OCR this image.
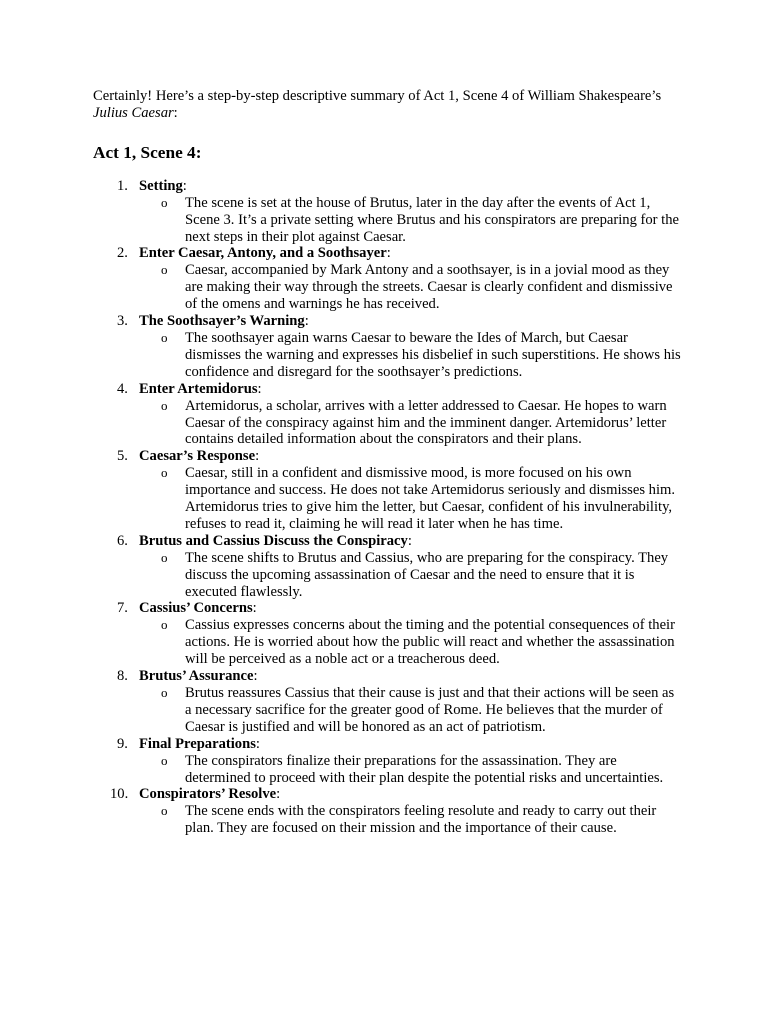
Certainly! Here’s a step-by-step descriptive summary of Act 1, Scene 4 of William Shakespeare’s Julius Caesar:

Act 1, Scene 4:
1. Setting:
o The scene is set at the house of Brutus, later in the day after the events of Act 1, Scene 3. It’s a private setting where Brutus and his conspirators are preparing for the next steps in their plot against Caesar.
2. Enter Caesar, Antony, and a Soothsayer:
o Caesar, accompanied by Mark Antony and a soothsayer, is in a jovial mood as they are making their way through the streets. Caesar is clearly confident and dismissive of the omens and warnings he has received.
3. The Soothsayer’s Warning:
o The soothsayer again warns Caesar to beware the Ides of March, but Caesar dismisses the warning and expresses his disbelief in such superstitions. He shows his confidence and disregard for the soothsayer’s predictions.
4. Enter Artemidorus:
o Artemidorus, a scholar, arrives with a letter addressed to Caesar. He hopes to warn Caesar of the conspiracy against him and the imminent danger. Artemidorus’ letter contains detailed information about the conspirators and their plans.
5. Caesar’s Response:
o Caesar, still in a confident and dismissive mood, is more focused on his own importance and success. He does not take Artemidorus seriously and dismisses him. Artemidorus tries to give him the letter, but Caesar, confident of his invulnerability, refuses to read it, claiming he will read it later when he has time.
6. Brutus and Cassius Discuss the Conspiracy:
o The scene shifts to Brutus and Cassius, who are preparing for the conspiracy. They discuss the upcoming assassination of Caesar and the need to ensure that it is executed flawlessly.
7. Cassius’ Concerns:
o Cassius expresses concerns about the timing and the potential consequences of their actions. He is worried about how the public will react and whether the assassination will be perceived as a noble act or a treacherous deed.
8. Brutus’ Assurance:
o Brutus reassures Cassius that their cause is just and that their actions will be seen as a necessary sacrifice for the greater good of Rome. He believes that the murder of Caesar is justified and will be honored as an act of patriotism.
9. Final Preparations:
o The conspirators finalize their preparations for the assassination. They are determined to proceed with their plan despite the potential risks and uncertainties.
10. Conspirators’ Resolve:
o The scene ends with the conspirators feeling resolute and ready to carry out their plan. They are focused on their mission and the importance of their cause.
